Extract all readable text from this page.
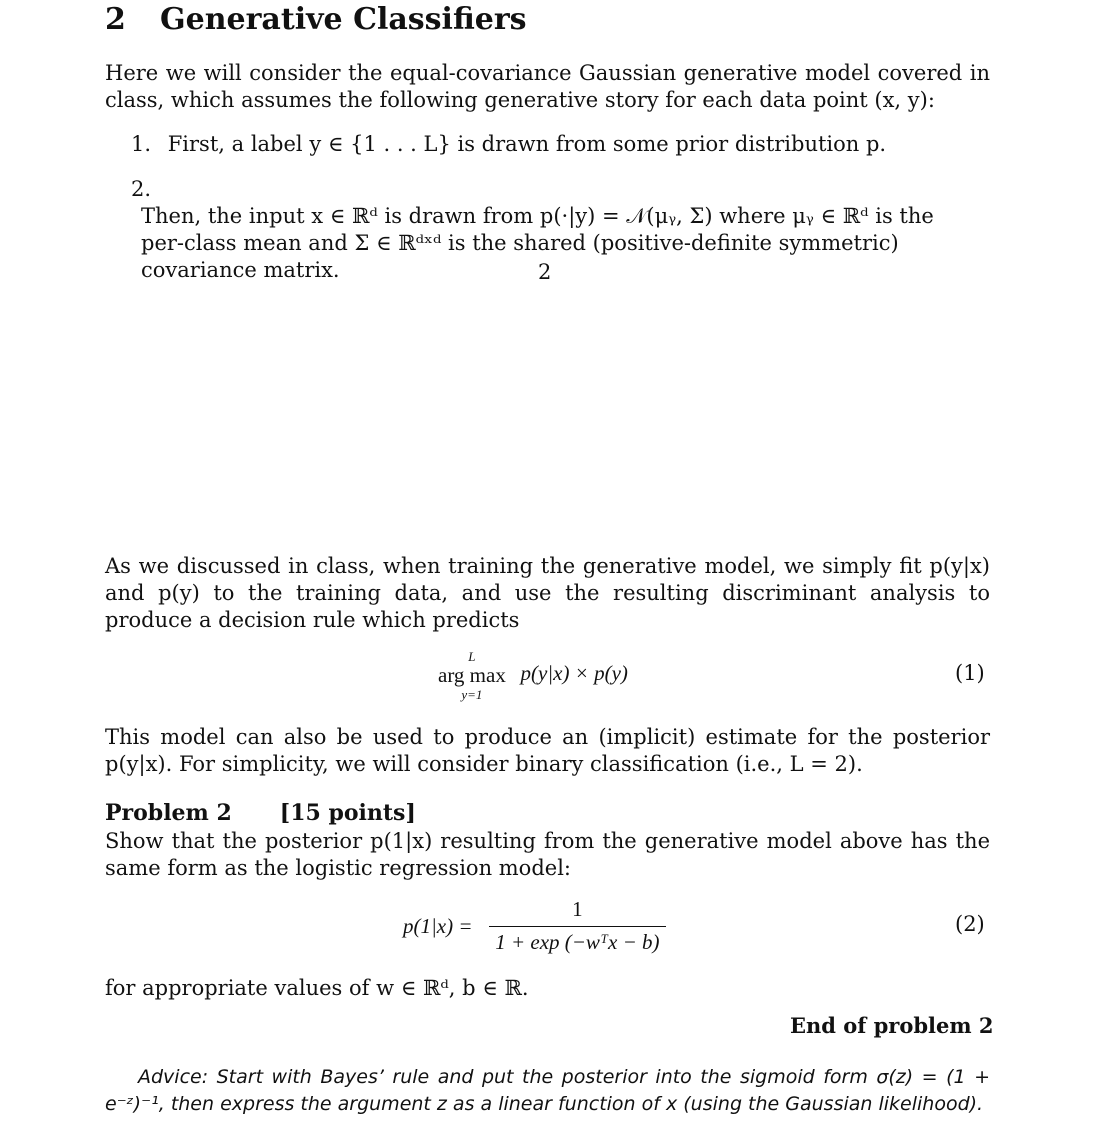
2 Generative Classifiers
Here we will consider the equal-covariance Gaussian generative model covered in class, which assumes the following generative story for each data point (x, y):
1. First, a label y ∈ {1 . . . L} is drawn from some prior distribution p.
2. Then, the input x ∈ ℝᵈ is drawn from p(·|y) = 𝒩(μᵧ, Σ) where μᵧ ∈ ℝᵈ is the per-class mean and Σ ∈ ℝᵈˣᵈ is the shared (positive-definite symmetric) covariance matrix.	2
As we discussed in class, when training the generative model, we simply fit p(y|x) and p(y) to the training data, and use the resulting discriminant analysis to produce a decision rule which predicts
L
arg max
y=1
p(y|x) × p(y)	(1)
This model can also be used to produce an (implicit) estimate for the posterior p(y|x). For simplicity, we will consider binary classification (i.e., L = 2).
Problem 2 [15 points]
Show that the posterior p(1|x) resulting from the generative model above has the same form as the logistic regression model:
$p(1|x) = \frac{1}{\text{1 + exp (−wᵀx − b)}}$	(2)
for appropriate values of w ∈ ℝᵈ, b ∈ ℝ.
End of problem 2
Advice: Start with Bayes’ rule and put the posterior into the sigmoid form σ(z) = (1 + e⁻ᶻ)⁻¹, then express the argument z as a linear function of x (using the Gaussian likelihood).
